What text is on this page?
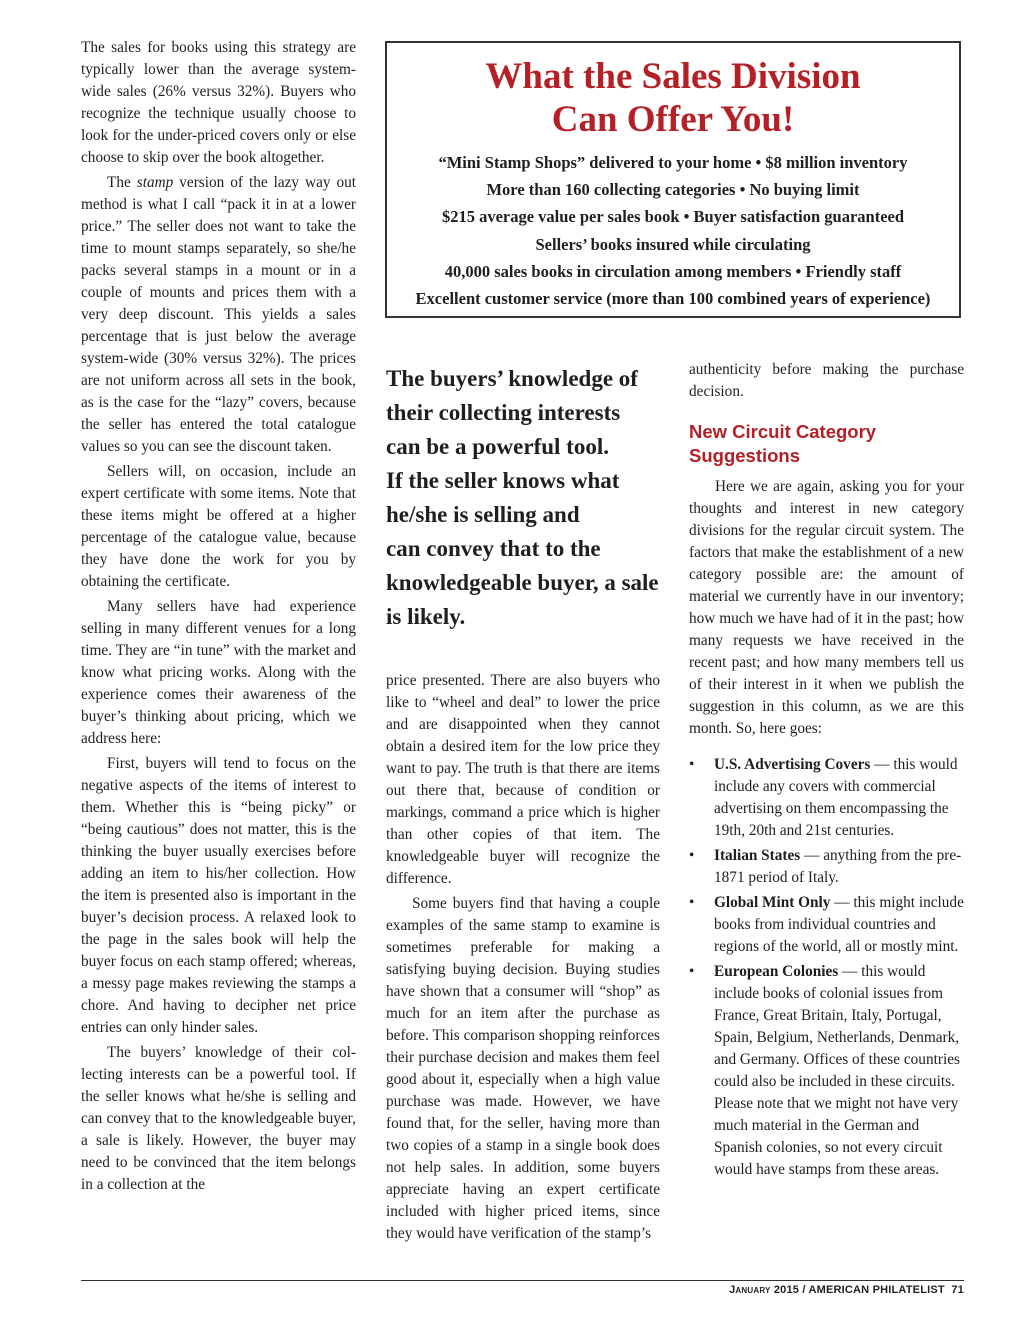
The sales for books using this strategy are typically lower than the average system-wide sales (26% versus 32%). Buyers who recognize the technique usually choose to look for the under-priced covers only or else choose to skip over the book altogether.

The stamp version of the lazy way out method is what I call “pack it in at a lower price.” The seller does not want to take the time to mount stamps separately, so she/he packs several stamps in a mount or in a couple of mounts and prices them with a very deep discount. This yields a sales percentage that is just below the average system-wide (30% versus 32%). The prices are not uniform across all sets in the book, as is the case for the “lazy” covers, because the seller has entered the total catalogue values so you can see the discount taken.

Sellers will, on occasion, include an expert certificate with some items. Note that these items might be offered at a higher percentage of the catalogue value, because they have done the work for you by obtaining the certificate.

Many sellers have had experience selling in many different venues for a long time. They are “in tune” with the market and know what pricing works. Along with the experience comes their awareness of the buyer’s thinking about pricing, which we address here:

First, buyers will tend to focus on the negative aspects of the items of interest to them. Whether this is “being picky” or “being cautious” does not matter, this is the thinking the buyer usually exercises before adding an item to his/her collection. How the item is presented also is important in the buyer’s decision process. A relaxed look to the page in the sales book will help the buyer focus on each stamp offered; whereas, a messy page makes reviewing the stamps a chore. And having to decipher net price entries can only hinder sales.

The buyers’ knowledge of their collecting interests can be a powerful tool. If the seller knows what he/she is selling and can convey that to the knowledgeable buyer, a sale is likely. However, the buyer may need to be convinced that the item belongs in a collection at the

What the Sales Division
Can Offer You!
“Mini Stamp Shops” delivered to your home • $8 million inventory
More than 160 collecting categories • No buying limit
$215 average value per sales book • Buyer satisfaction guaranteed
Sellers’ books insured while circulating
40,000 sales books in circulation among members • Friendly staff
Excellent customer service (more than 100 combined years of experience)
The buyers’ knowledge of
their collecting interests
can be a powerful tool.
If the seller knows what
he/she is selling and
can convey that to the
knowledgeable buyer, a sale
is likely.

price presented. There are also buyers who like to “wheel and deal” to lower the price and are disappointed when they cannot obtain a desired item for the low price they want to pay. The truth is that there are items out there that, because of condition or markings, command a price which is higher than other copies of that item. The knowledgeable buyer will recognize the difference.

Some buyers find that having a couple examples of the same stamp to examine is sometimes preferable for making a satisfying buying decision. Buying studies have shown that a consumer will “shop” as much for an item after the purchase as before. This comparison shopping reinforces their purchase decision and makes them feel good about it, especially when a high value purchase was made. However, we have found that, for the seller, having more than two copies of a stamp in a single book does not help sales. In addition, some buyers appreciate having an expert certificate included with higher priced items, since they would have verification of the stamp’s

authenticity before making the purchase decision.

New Circuit Category
Suggestions

Here we are again, asking you for your thoughts and interest in new category divisions for the regular circuit system. The factors that make the establishment of a new category possible are: the amount of material we currently have in our inventory; how much we have had of it in the past; how many requests we have received in the recent past; and how many members tell us of their interest in it when we publish the suggestion in this column, as we are this month. So, here goes:

• U.S. Advertising Covers — this would include any covers with commercial advertising on them encompassing the 19th, 20th and 21st centuries.
• Italian States — anything from the pre-1871 period of Italy.
• Global Mint Only — this might include books from individual countries and regions of the world, all or mostly mint.
• European Colonies — this would include books of colonial issues from France, Great Britain, Italy, Portugal, Spain, Belgium, Netherlands, Denmark, and Germany. Offices of these countries could also be included in these circuits. Please note that we might not have very much material in the German and Spanish colonies, so not every circuit would have stamps from these areas.
January 2015 / AMERICAN PHILATELIST  71
